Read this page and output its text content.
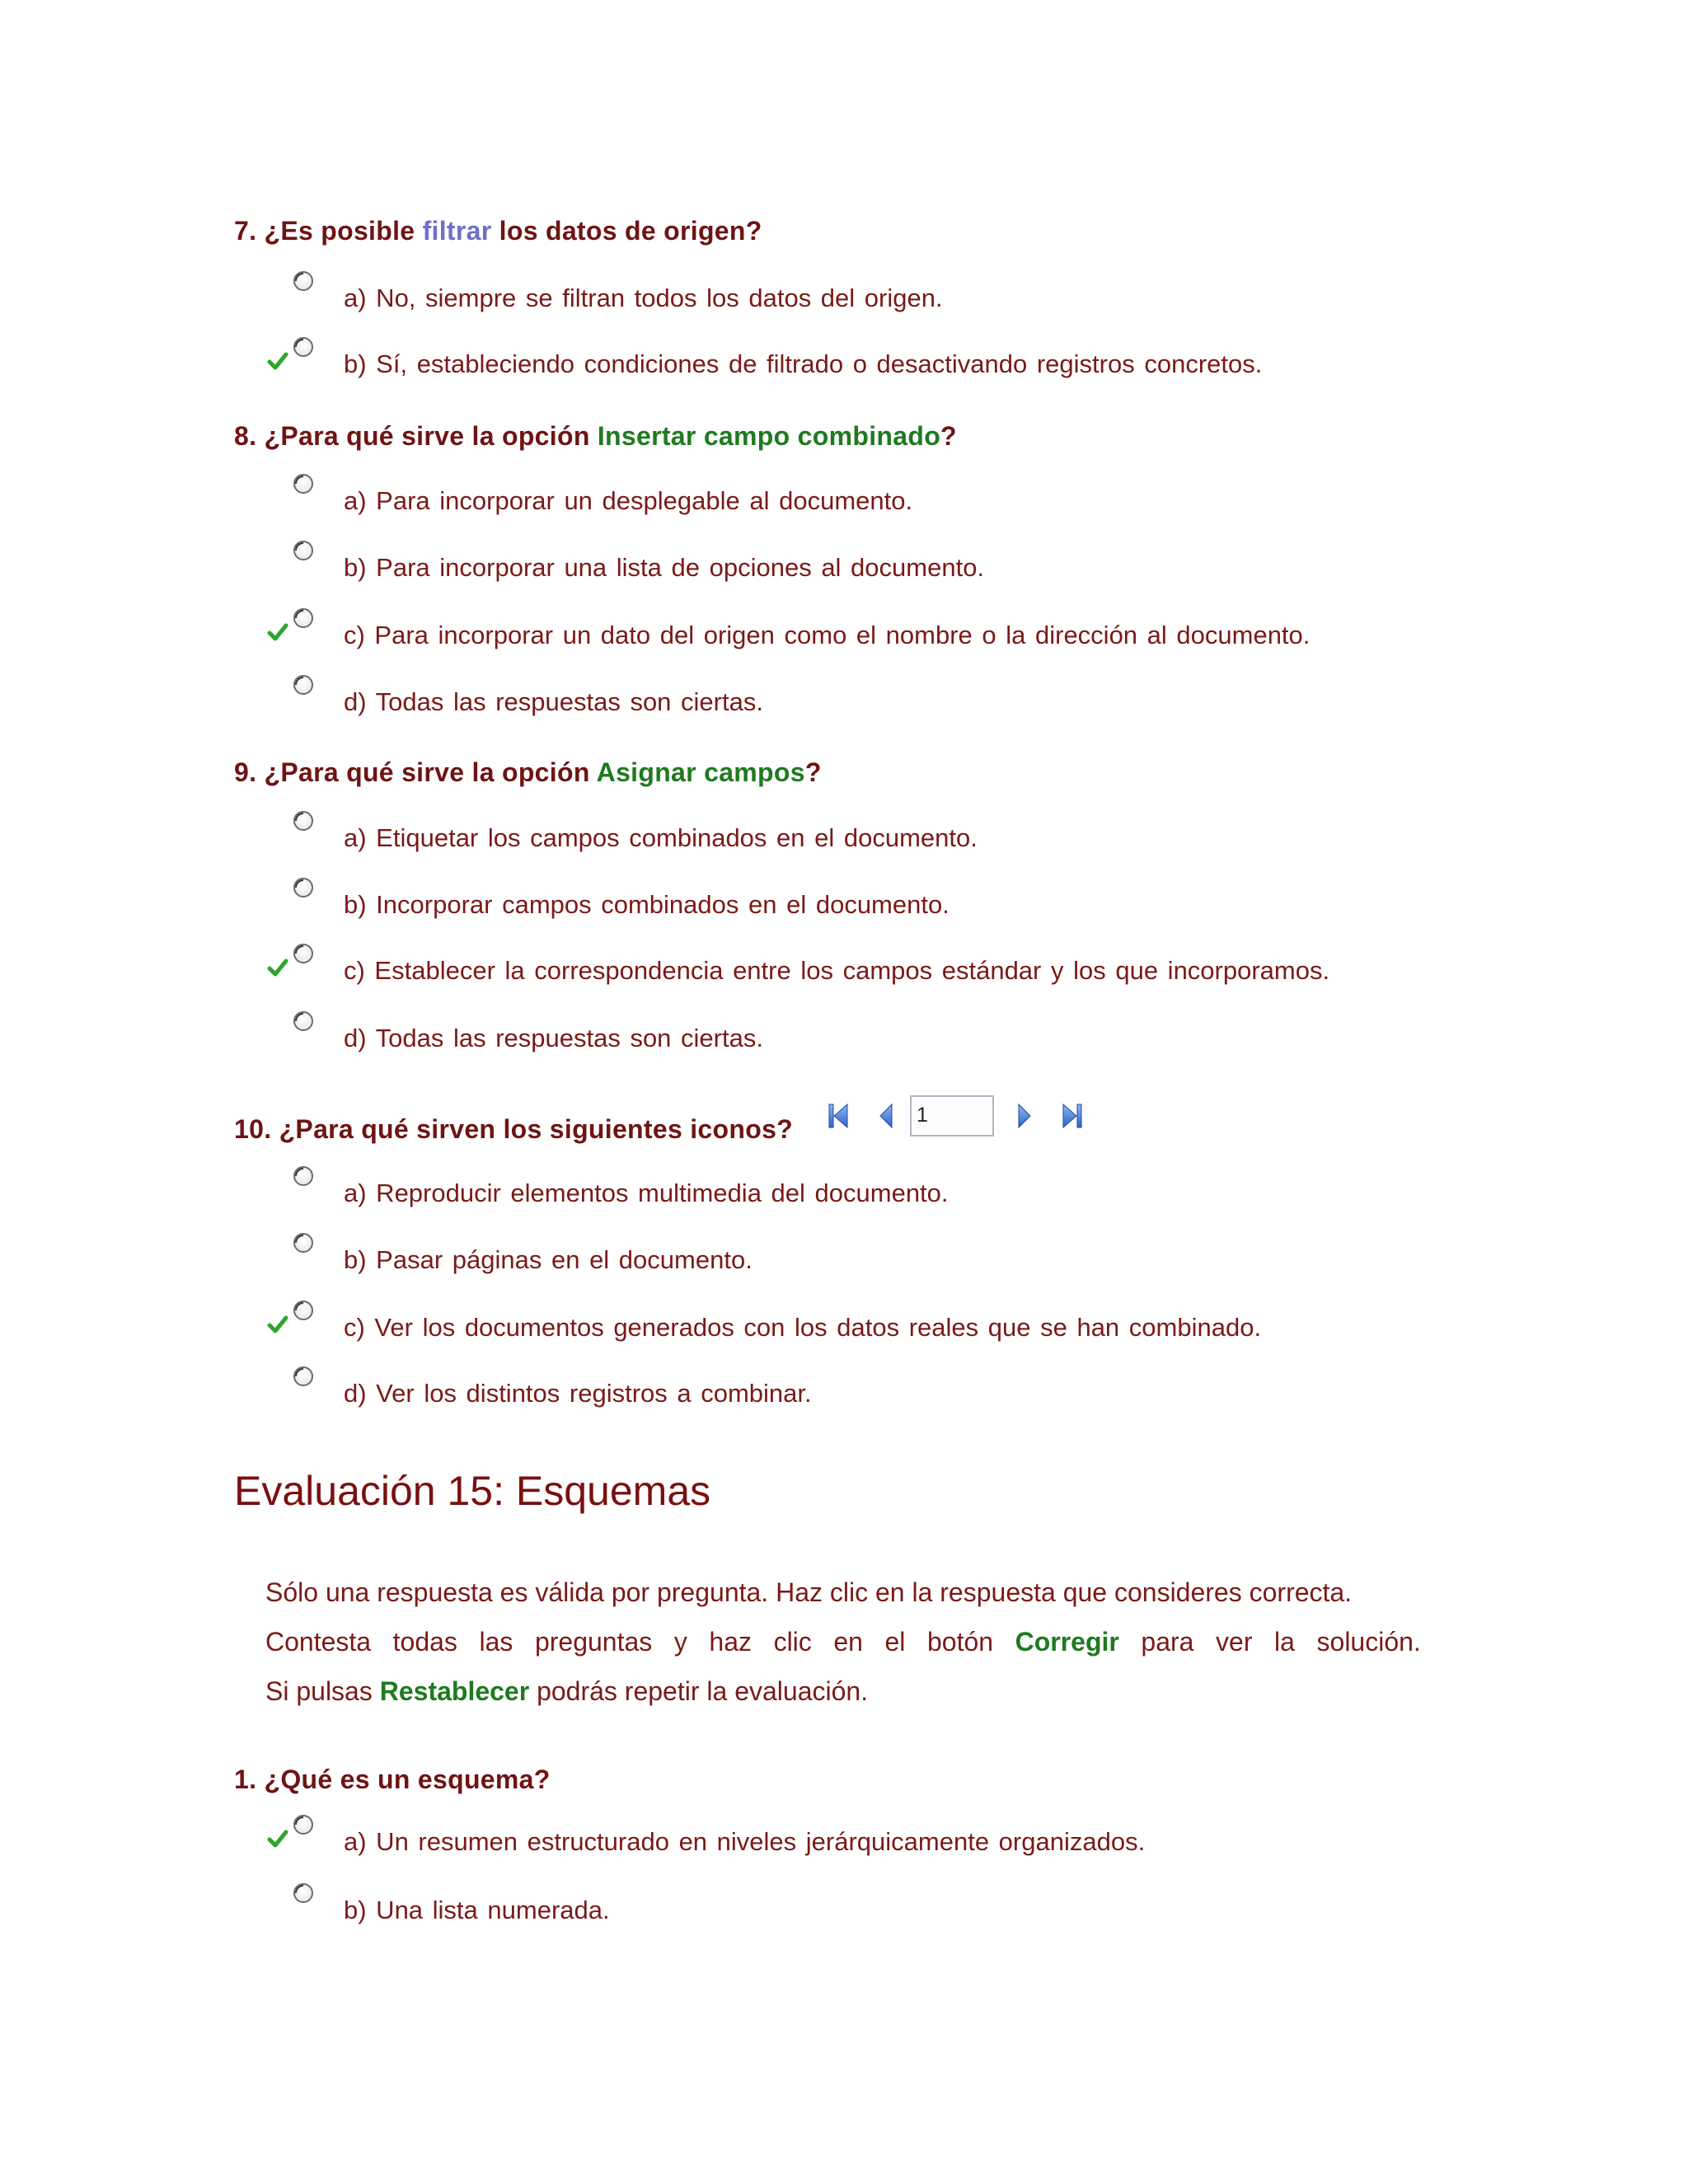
7. ¿Es posible filtrar los datos de origen?
a) No, siempre se filtran todos los datos del origen.
b) Sí, estableciendo condiciones de filtrado o desactivando registros concretos.
8. ¿Para qué sirve la opción Insertar campo combinado?
a) Para incorporar un desplegable al documento.
b) Para incorporar una lista de opciones al documento.
c) Para incorporar un dato del origen como el nombre o la dirección al documento.
d) Todas las respuestas son ciertas.
9. ¿Para qué sirve la opción Asignar campos?
a) Etiquetar los campos combinados en el documento.
b) Incorporar campos combinados en el documento.
c) Establecer la correspondencia entre los campos estándar y los que incorporamos.
d) Todas las respuestas son ciertas.
10. ¿Para qué sirven los siguientes iconos?	1
a) Reproducir elementos multimedia del documento.
b) Pasar páginas en el documento.
c) Ver los documentos generados con los datos reales que se han combinado.
d) Ver los distintos registros a combinar.
Evaluación 15: Esquemas
Sólo una respuesta es válida por pregunta. Haz clic en la respuesta que consideres correcta.
Contesta todas las preguntas y haz clic en el botón Corregir para ver la solución.
Si pulsas Restablecer podrás repetir la evaluación.
1. ¿Qué es un esquema?
a) Un resumen estructurado en niveles jerárquicamente organizados.
b) Una lista numerada.
